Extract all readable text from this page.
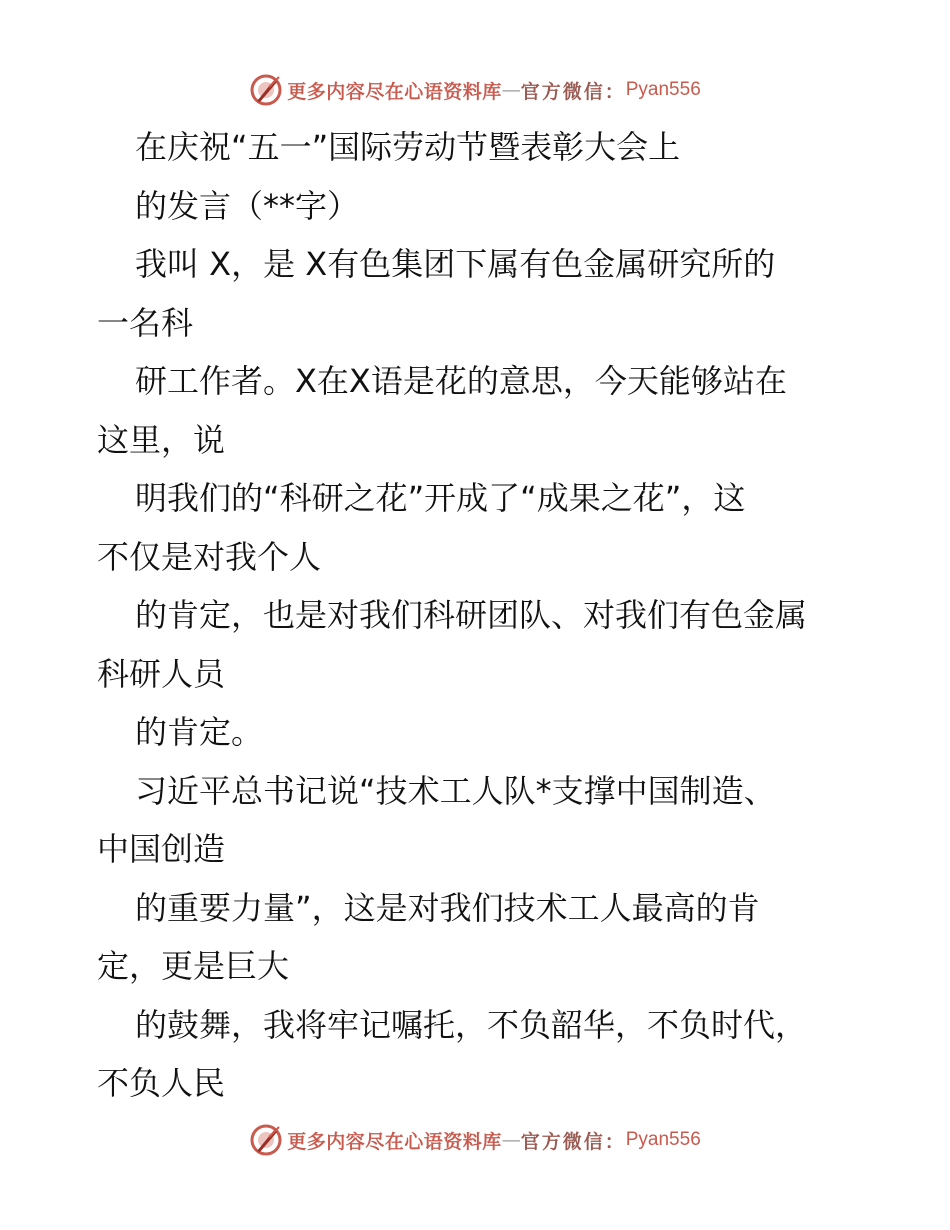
更多内容尽在心语资料库 — 官方微信： Pyan556
在庆祝“五一”国际劳动节暨表彰大会上
的发言（**字）
我叫 X，是 X有色集团下属有色金属研究所的
一名科
研工作者。X在X语是花的意思，今天能够站在
这里，说
明我们的“科研之花”开成了“成果之花”，这
不仅是对我个人
的肯定，也是对我们科研团队、对我们有色金属
科研人员
的肯定。
习近平总书记说“技术工人队*支撑中国制造、
中国创造
的重要力量”，这是对我们技术工人最高的肯
定，更是巨大
的鼓舞，我将牢记嘱托，不负韶华，不负时代，
不负人民
更多内容尽在心语资料库 — 官方微信： Pyan556
